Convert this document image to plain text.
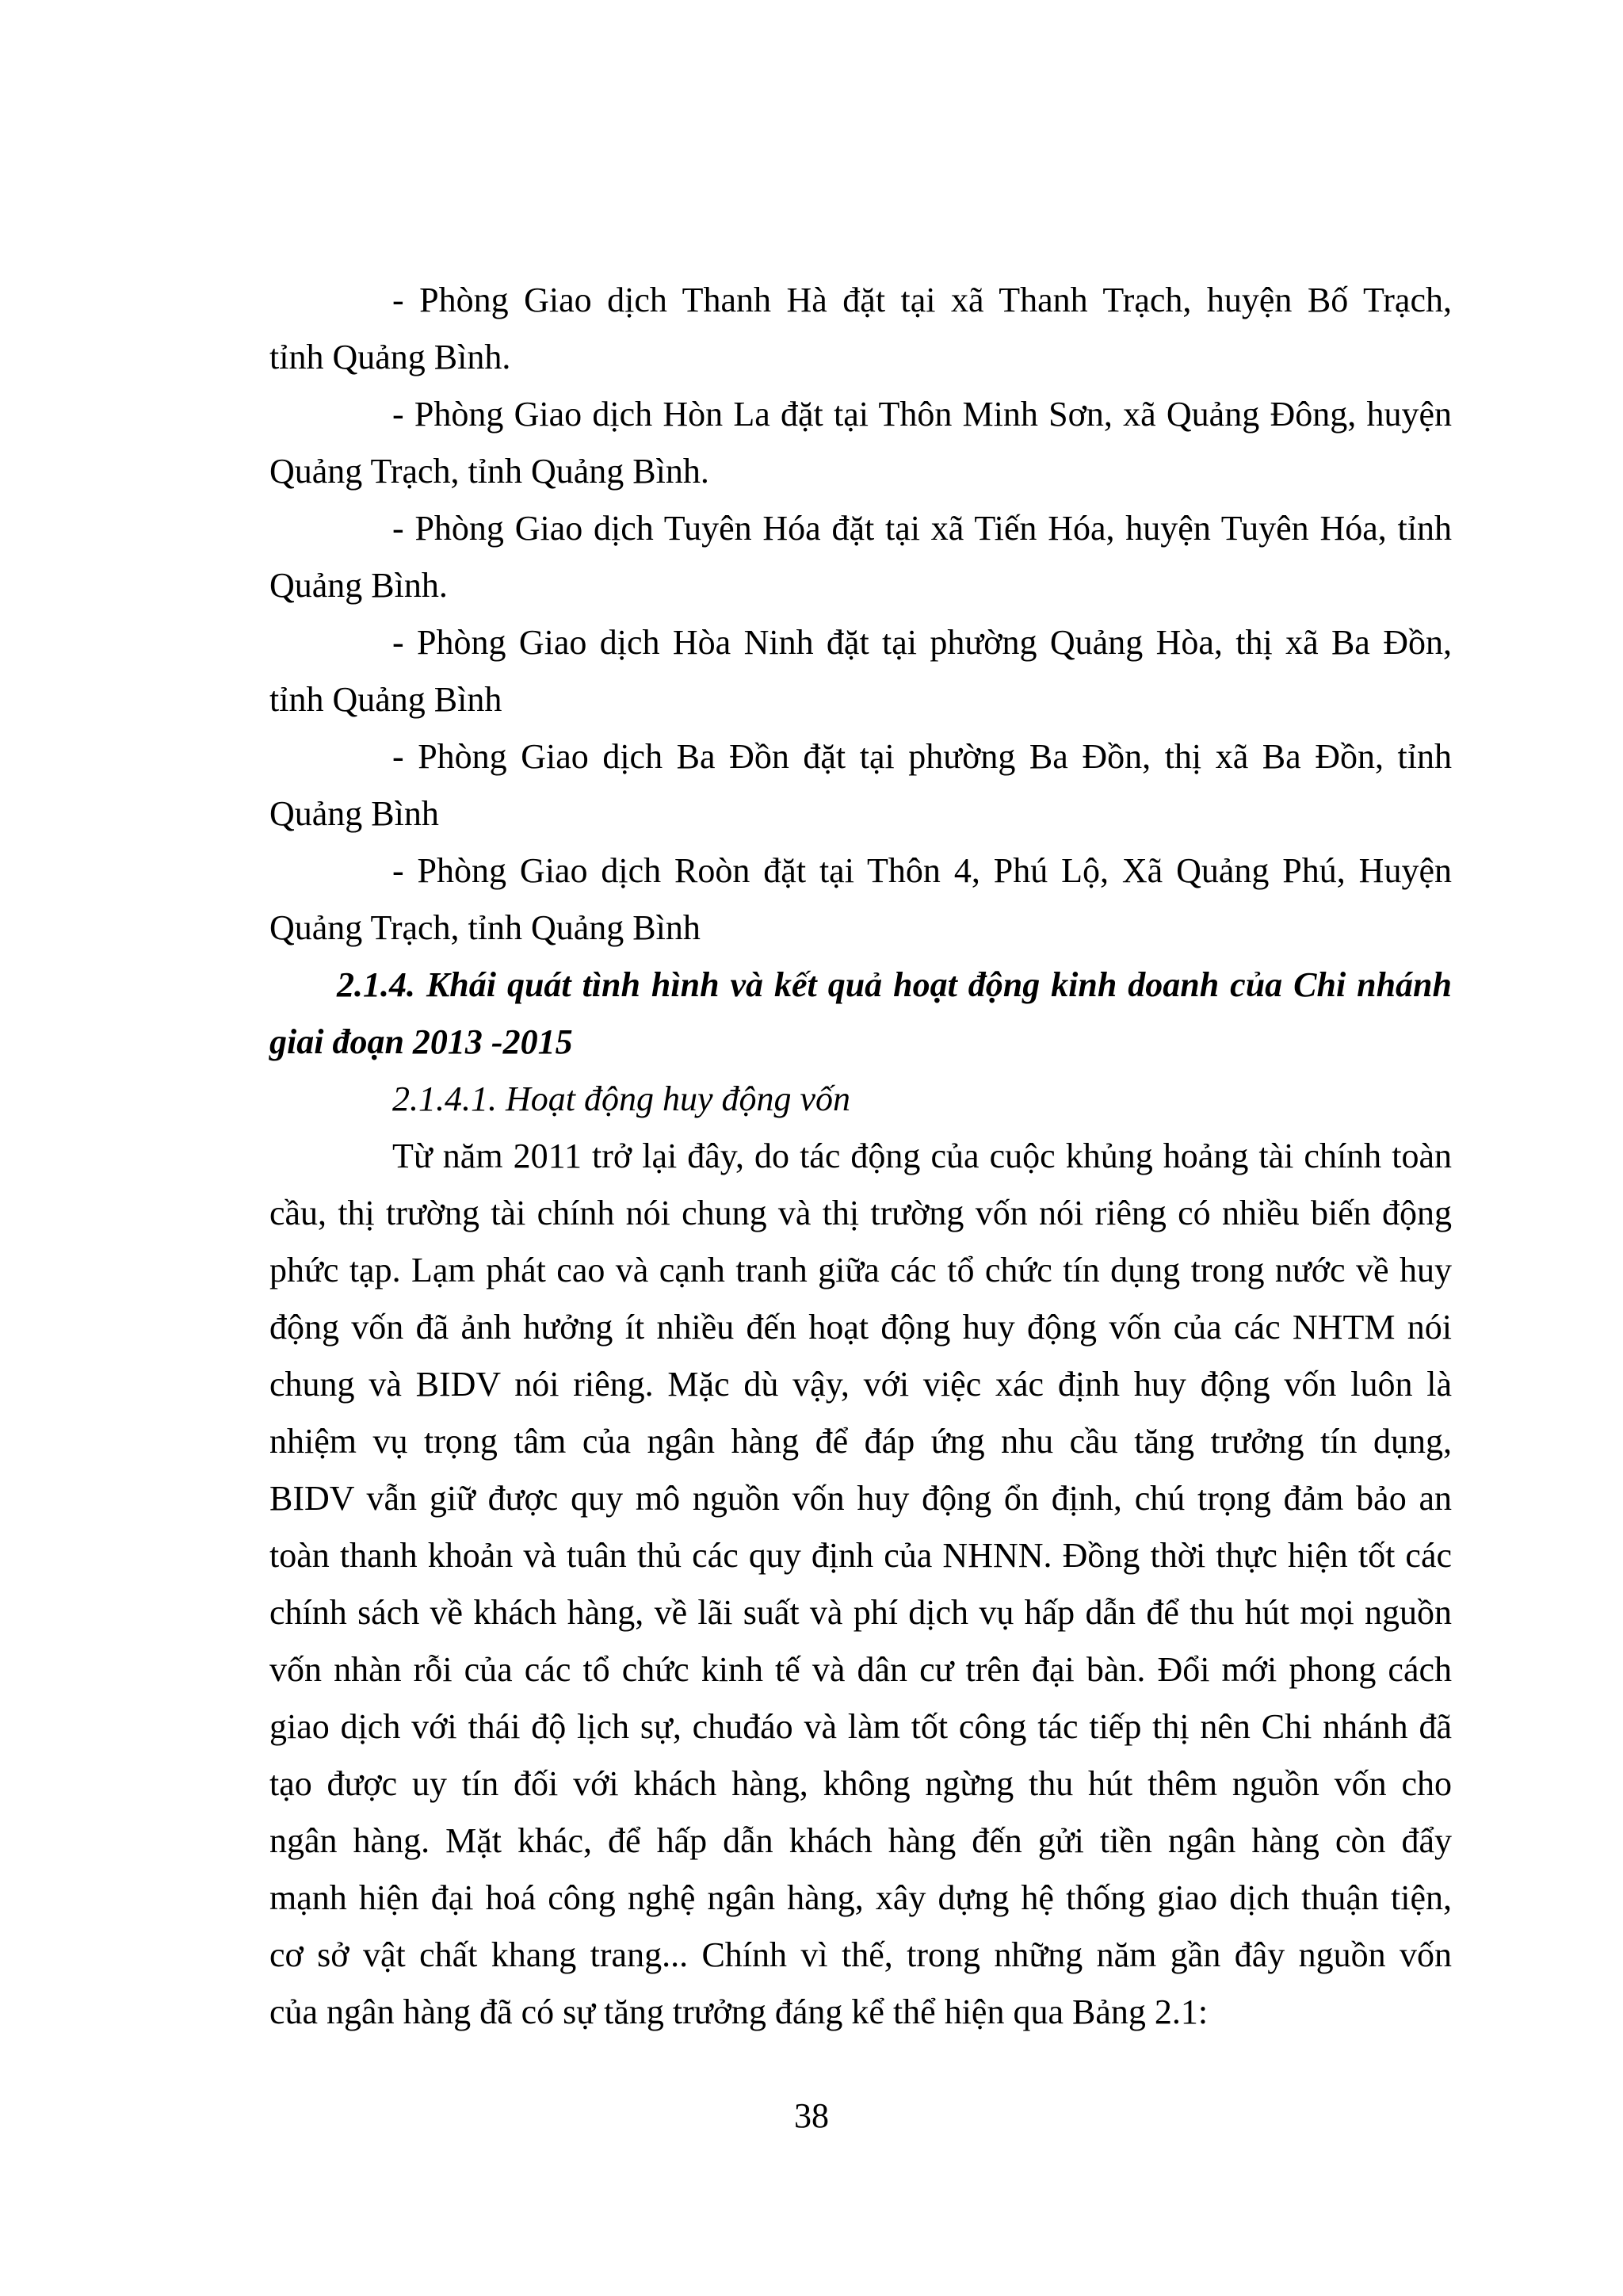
- Phòng Giao dịch Thanh Hà đặt tại xã Thanh Trạch, huyện Bố Trạch,
tỉnh Quảng Bình.
- Phòng Giao dịch Hòn La đặt tại Thôn Minh Sơn, xã Quảng Đông, huyện
Quảng Trạch, tỉnh Quảng Bình.
- Phòng Giao dịch Tuyên Hóa đặt tại xã Tiến Hóa, huyện Tuyên Hóa, tỉnh
Quảng Bình.
- Phòng Giao dịch Hòa Ninh đặt tại phường Quảng Hòa, thị xã Ba Đồn,
tỉnh Quảng Bình
- Phòng Giao dịch Ba Đồn đặt tại phường Ba Đồn, thị xã Ba Đồn, tỉnh
Quảng Bình
- Phòng Giao dịch Roòn đặt tại Thôn 4, Phú Lộ, Xã Quảng Phú, Huyện
Quảng Trạch, tỉnh Quảng Bình
2.1.4. Khái quát tình hình và kết quả hoạt động kinh doanh của Chi nhánh
giai đoạn 2013 -2015
2.1.4.1. Hoạt động huy động vốn
Từ năm 2011 trở lại đây, do tác động của cuộc khủng hoảng tài chính toàn
cầu, thị trường tài chính nói chung và thị trường vốn nói riêng có nhiều biến động
phức tạp. Lạm phát cao và cạnh tranh giữa các tổ chức tín dụng trong nước về huy
động vốn đã ảnh hưởng ít nhiều đến hoạt động huy động vốn của các NHTM nói
chung và BIDV nói riêng. Mặc dù vậy, với việc xác định huy động vốn luôn là
nhiệm vụ trọng tâm của ngân hàng để đáp ứng nhu cầu tăng trưởng tín dụng,
BIDV vẫn giữ được quy mô nguồn vốn huy động ổn định, chú trọng đảm bảo an
toàn thanh khoản và tuân thủ các quy định của NHNN. Đồng thời thực hiện tốt các
chính sách về khách hàng, về lãi suất và phí dịch vụ hấp dẫn để thu hút mọi nguồn
vốn nhàn rỗi của các tổ chức kinh tế và dân cư trên đại bàn. Đổi mới phong cách
giao dịch với thái độ lịch sự, chuđáo và làm tốt công tác tiếp thị nên Chi nhánh đã
tạo được uy tín đối với khách hàng, không ngừng thu hút thêm nguồn vốn cho
ngân hàng. Mặt khác, để hấp dẫn khách hàng đến gửi tiền ngân hàng còn đẩy
mạnh hiện đại hoá công nghệ ngân hàng, xây dựng hệ thống giao dịch thuận tiện,
cơ sở vật chất khang trang... Chính vì thế, trong những năm gần đây nguồn vốn
của ngân hàng đã có sự tăng trưởng đáng kể thể hiện qua Bảng 2.1:
38
